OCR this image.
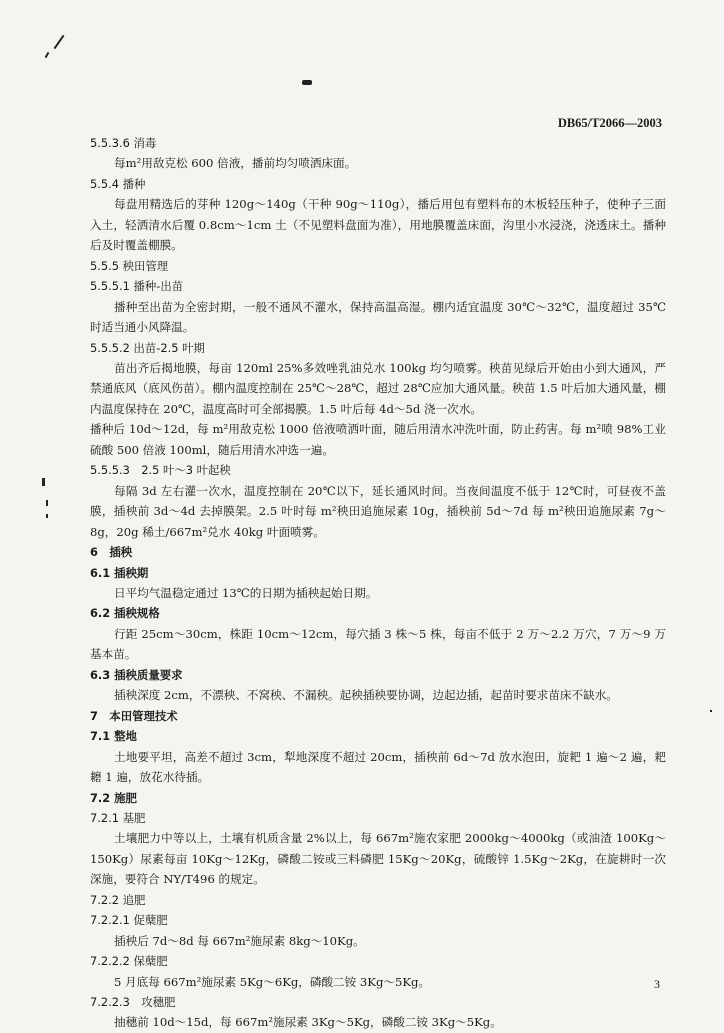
DB65/T2066—2003
5.5.3.6 消毒
每m²用敌克松 600 倍液，播前均匀喷洒床面。
5.5.4 播种
每盘用精选后的芽种 120g～140g（干种 90g～110g），播后用包有塑料布的木板轻压种子，使种子三面入土，轻洒清水后覆 0.8cm～1cm 土（不见塑料盘面为准），用地膜覆盖床面，沟里小水浸浇，浇透床土。播种后及时覆盖棚膜。
5.5.5 秧田管理
5.5.5.1 播种-出苗
播种至出苗为全密封期，一般不通风不灌水，保持高温高湿。棚内适宜温度 30℃～32℃，温度超过 35℃时适当通小风降温。
5.5.5.2 出苗-2.5 叶期
苗出齐后揭地膜，每亩 120ml 25%多效唑乳油兑水 100kg 均匀喷雾。秧苗见绿后开始由小到大通风，严禁通底风（底风伤苗）。棚内温度控制在 25℃～28℃，超过 28℃应加大通风量。秧苗 1.5 叶后加大通风量，棚内温度保持在 20℃，温度高时可全部揭膜。1.5 叶后每 4d～5d 浇一次水。
播种后 10d～12d，每 m²用敌克松 1000 倍液喷洒叶面，随后用清水冲洗叶面，防止药害。每 m²喷 98%工业硫酸 500 倍液 100ml，随后用清水冲选一遍。
5.5.5.3　2.5 叶～3 叶起秧
每隔 3d 左右灌一次水，温度控制在 20℃以下，延长通风时间。当夜间温度不低于 12℃时，可昼夜不盖膜，插秧前 3d～4d 去掉膜架。2.5 叶时每 m²秧田追施尿素 10g，插秧前 5d～7d 每 m²秧田追施尿素 7g～8g，20g 稀土/667m²兑水 40kg 叶面喷雾。
6　插秧
6.1 插秧期
日平均气温稳定通过 13℃的日期为插秧起始日期。
6.2 插秧规格
行距 25cm～30cm，株距 10cm～12cm，每穴插 3 株～5 株，每亩不低于 2 万～2.2 万穴，7 万～9 万基本苗。
6.3 插秧质量要求
插秧深度 2cm，不漂秧、不窝秧、不漏秧。起秧插秧要协调，边起边插，起苗时要求苗床不缺水。
7　本田管理技术
7.1 整地
土地要平坦，高差不超过 3cm，犁地深度不超过 20cm，插秧前 6d～7d 放水泡田，旋耙 1 遍～2 遍，耙耱 1 遍，放花水待插。
7.2 施肥
7.2.1 基肥
土壤肥力中等以上，土壤有机质含量 2%以上，每 667m²施农家肥 2000kg～4000kg（或油渣 100Kg～150Kg）尿素每亩 10Kg～12Kg，磷酸二铵或三料磷肥 15Kg～20Kg，硫酸锌 1.5Kg～2Kg，在旋耕时一次深施，要符合 NY/T496 的规定。
7.2.2 追肥
7.2.2.1 促蘖肥
插秧后 7d～8d 每 667m²施尿素 8kg～10Kg。
7.2.2.2 保蘖肥
5 月底每 667m²施尿素 5Kg～6Kg，磷酸二铵 3Kg～5Kg。
7.2.2.3　攻穗肥
抽穗前 10d～15d，每 667m²施尿素 3Kg～5Kg，磷酸二铵 3Kg～5Kg。
3
